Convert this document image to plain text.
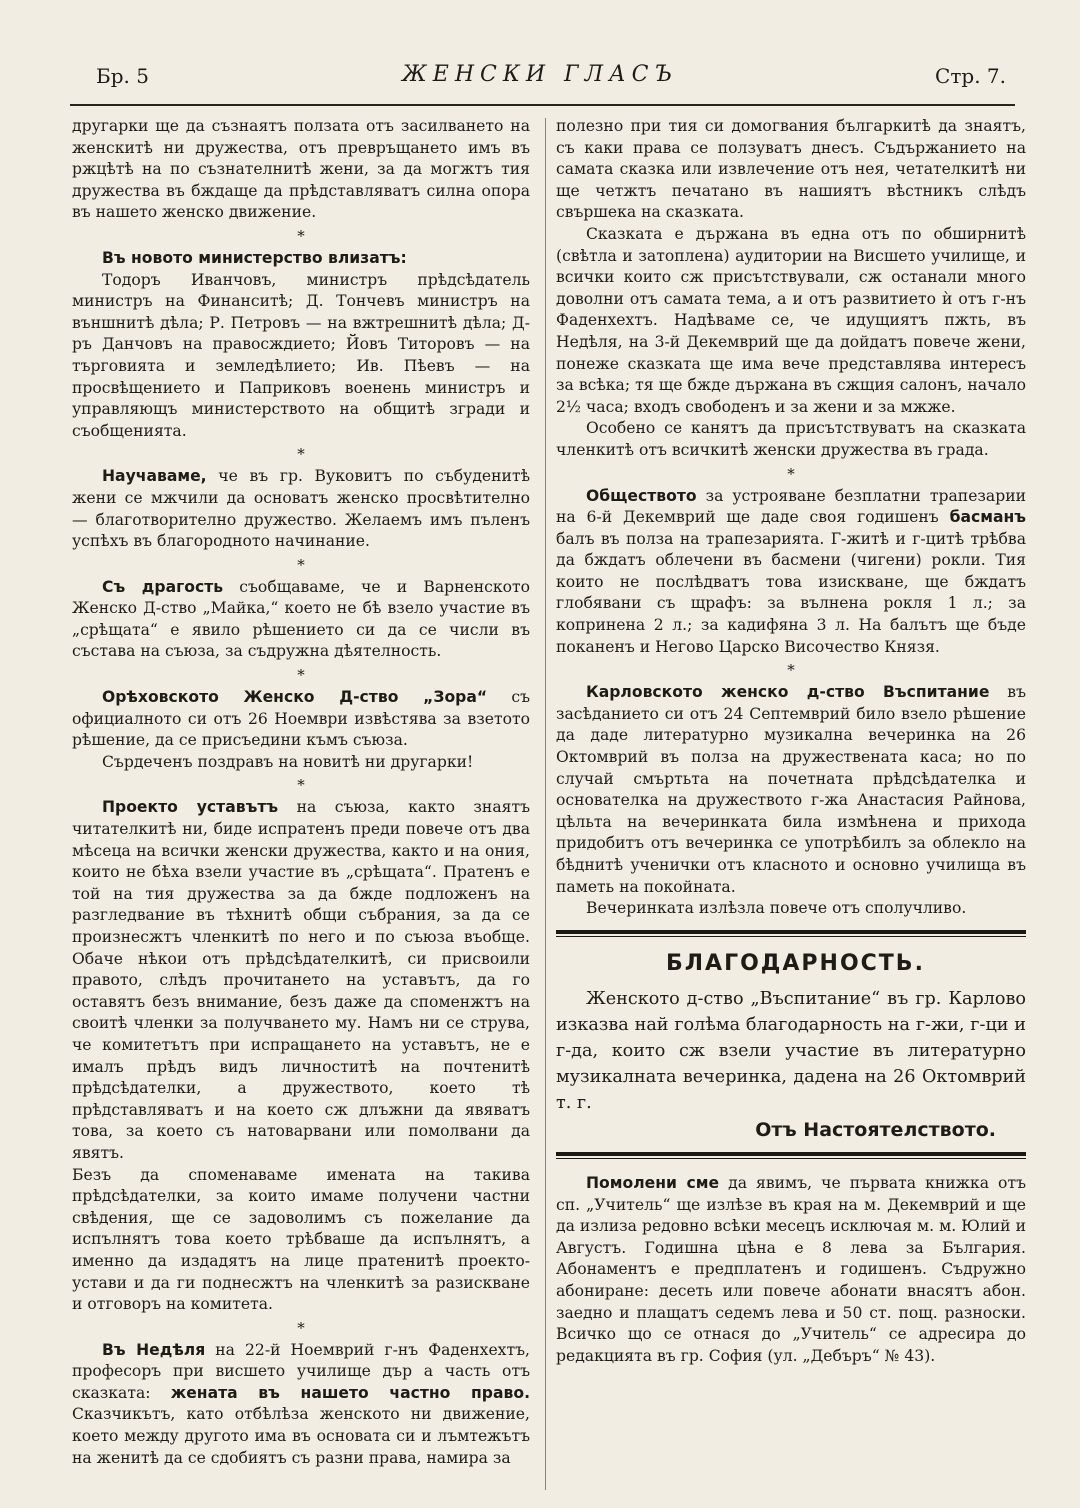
Бр. 5	ЖЕНСКИ ГЛАСЪ	Стр. 7.

другарки ще да съзнаятъ ползата отъ засилването на женскитѣ ни дружества, отъ превръщането имъ въ ржцѣтѣ на по съзнателнитѣ жени, за да могжтъ тия дружества въ бждаще да прѣдставляватъ силна опора въ нашето женско движение.

*

Въ новото министерство влизатъ:

Тодоръ Иванчовъ, министръ прѣдсѣдатель министръ на Финанситѣ; Д. Тончевъ министръ на външнитѣ дѣла; Р. Петровъ — на вжтрешнитѣ дѣла; Д-ръ Данчовъ на правосждието; Йовъ Титоровъ — на търговията и земледѣлието; Ив. Пѣевъ — на просвѣщението и Паприковъ военень министръ и управляющъ министерството на общитѣ згради и съобщенията.

*

Научаваме, че въ гр. Вуковитъ по събуденитѣ жени се мжчили да основатъ женско просвѣтително — благотворително дружество. Желаемъ имъ пъленъ успѣхъ въ благородното начинание.

*

Съ драгость съобщаваме, че и Варненското Женско Д-ство „Майка,“ което не бѣ взело участие въ „срѣщата“ е явило рѣшението си да се числи въ състава на съюза, за съдружна дѣятелность.

*

Орѣховското Женско Д-ство „Зора“ съ официалното си отъ 26 Ноември извѣстява за взетото рѣшение, да се присъедини къмъ съюза.

Сърдеченъ поздравъ на новитѣ ни другарки!

*

Проекто уставътъ на съюза, както знаятъ читателкитѣ ни, биде испратенъ преди повече отъ два мѣсеца на всички женски дружества, както и на ония, които не бѣха взели участие въ „срѣщата“. Пратенъ е той на тия дружества за да бжде подложенъ на разгледвание въ тѣхнитѣ общи събрания, за да се произнесжтъ членкитѣ по него и по съюза въобще. Обаче нѣкои отъ прѣдсѣдателкитѣ, си присвоили правото, слѣдъ прочитането на уставътъ, да го оставятъ безъ внимание, безъ даже да споменжтъ на своитѣ членки за получването му. Намъ ни се струва, че комитетътъ при испращането на уставътъ, не е ималъ прѣдъ видъ личноститѣ на почтенитѣ прѣдсѣдателки, а дружеството, което тѣ прѣдставляватъ и на което сж длъжни да явяватъ това, за което съ натоварвани или помолвани да явятъ.

Безъ да споменаваме имената на такива прѣдсѣдателки, за които имаме получени частни свѣдения, ще се задоволимъ съ пожелание да испълнятъ това което трѣбваше да испълнятъ, а именно да издадятъ на лице пратенитѣ проекто-устави и да ги поднесжтъ на членкитѣ за разискване и отговоръ на комитета.

*

Въ Недѣля на 22-й Ноемврий г-нъ Фаденхехтъ, професоръ при висшето училище дър а часть отъ сказката: жената въ нашето частно право. Сказчикътъ, като отбѣлѣза женското ни движение, което между другото има въ основата си и лъмтежътъ на женитѣ да се сдобиятъ съ разни права, намира за

полезно при тия си домогвания българкитѣ да знаятъ, съ каки права се ползуватъ днесъ. Съдържанието на самата сказка или извлечение отъ нея, четателкитѣ ни ще четжтъ печатано въ нашиятъ вѣстникъ слѣдъ свършека на сказката.

Сказката е държана въ една отъ по обширнитѣ (свѣтла и затоплена) аудитории на Висшето училище, и всички които сж присътствували, сж останали много доволни отъ самата тема, а и отъ развитието ѝ отъ г-нъ Фаденхехтъ. Надѣваме се, че идущиятъ пжть, въ Недѣля, на 3-й Декемврий ще да дойдатъ повече жени, понеже сказката ще има вече представлява интересъ за всѣка; тя ще бжде държана въ сжщия салонъ, начало 2½ часа; входъ свободенъ и за жени и за мжже.

Особено се канятъ да присътствуватъ на сказката членкитѣ отъ всичкитѣ женски дружества въ града.

*

Обществото за устрояване безплатни трапезарии на 6-й Декемврий ще даде своя годишенъ басманъ балъ въ полза на трапезарията. Г-житѣ и г-цитѣ трѣбва да бждатъ облечени въ басмени (чигени) рокли. Тия които не послѣдватъ това изискване, ще бждатъ глобявани съ щрафъ: за вълнена рокля 1 л.; за копринена 2 л.; за кадифяна 3 л. На балътъ ще бъде поканенъ и Негово Царско Височество Князя.

*

Карловското женско д-ство Въспитание въ засѣданието си отъ 24 Септемврий било взело рѣшение да даде литературно музикална вечеринка на 26 Октомврий въ полза на дружествената каса; но по случай смъртьта на почетната прѣдсѣдателка и основателка на дружеството г-жа Анастасия Райнова, цѣльта на вечеринката била измѣнена и прихода придобитъ отъ вечеринка се употрѣбилъ за облекло на бѣднитѣ ученички отъ класното и основно училища въ паметь на покойната.

Вечеринката излѣзла повече отъ сполучливо.

БЛАГОДАРНОСТЬ.

Женското д-ство „Въспитание“ въ гр. Карлово изказва най голѣма благодарность на г-жи, г-ци и г-да, които сж взели участие въ литературно музикалната вечеринка, дадена на 26 Октомврий т. г.

Отъ Настоятелството.

Помолени сме да явимъ, че първата книжка отъ сп. „Учитель“ ще излѣзе въ края на м. Декемврий и ще да излиза редовно всѣки месецъ исключая м. м. Юлий и Августъ. Годишна цѣна е 8 лева за България. Абонаментъ е предплатенъ и годишенъ. Съдружно абониране: десеть или повече абонати внасятъ абон. заедно и плащатъ седемъ лева и 50 ст. пощ. разноски. Всичко що се отнася до „Учитель“ се адресира до редакцията въ гр. София (ул. „Дебъръ“ № 43).
